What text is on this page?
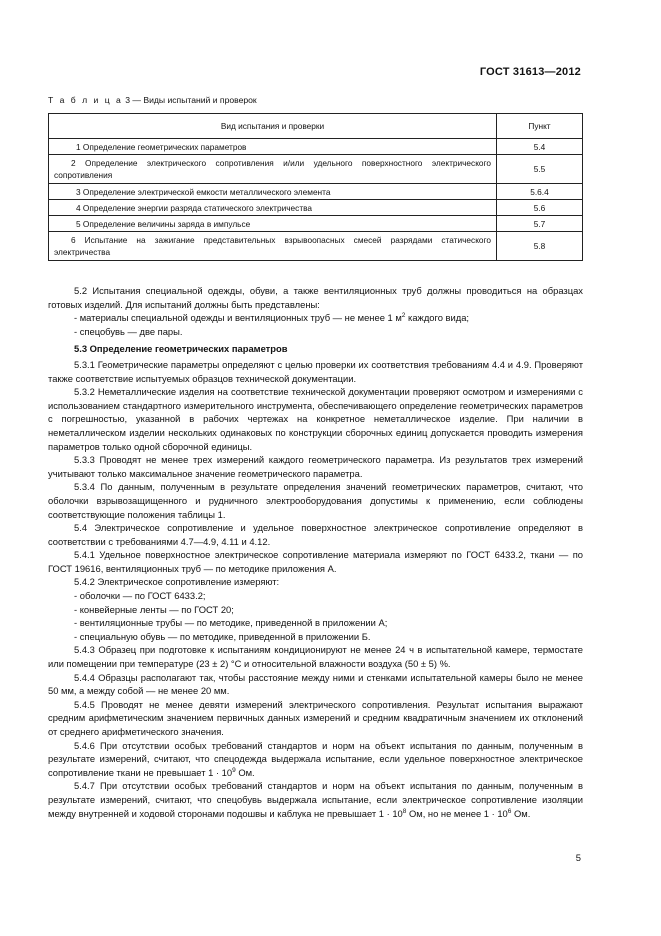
ГОСТ 31613—2012
Т а б л и ц а 3 — Виды испытаний и проверок
Вид испытания и проверки	Пункт
1 Определение геометрических параметров	5.4
2 Определение электрического сопротивления и/или удельного поверхностного электрического сопротивления	5.5
3 Определение электрической емкости металлического элемента	5.6.4
4 Определение энергии разряда статического электричества	5.6
5 Определение величины заряда в импульсе	5.7
6 Испытание на зажигание представительных взрывоопасных смесей разрядами статического электричества	5.8

5.2 Испытания специальной одежды, обуви, а также вентиляционных труб должны проводиться на образцах готовых изделий. Для испытаний должны быть представлены:

- материалы специальной одежды и вентиляционных труб — не менее 1 $м^2$ каждого вида;

- спецобувь — две пары.

5.3 Определение геометрических параметров

5.3.1 Геометрические параметры определяют с целью проверки их соответствия требованиям 4.4 и 4.9. Проверяют также соответствие испытуемых образцов технической документации.

5.3.2 Неметаллические изделия на соответствие технической документации проверяют осмотром и измерениями с использованием стандартного измерительного инструмента, обеспечивающего определение геометрических параметров с погрешностью, указанной в рабочих чертежах на конкретное неметаллическое изделие. При наличии в неметаллическом изделии нескольких одинаковых по конструкции сборочных единиц допускается проводить измерения параметров только одной сборочной единицы.

5.3.3 Проводят не менее трех измерений каждого геометрического параметра. Из результатов трех измерений учитывают только максимальное значение геометрического параметра.

5.3.4 По данным, полученным в результате определения значений геометрических параметров, считают, что оболочки взрывозащищенного и рудничного электрооборудования допустимы к применению, если соблюдены соответствующие положения таблицы 1.

5.4 Электрическое сопротивление и удельное поверхностное электрическое сопротивление определяют в соответствии с требованиями 4.7—4.9, 4.11 и 4.12.

5.4.1 Удельное поверхностное электрическое сопротивление материала измеряют по ГОСТ 6433.2, ткани — по ГОСТ 19616, вентиляционных труб — по методике приложения А.

5.4.2 Электрическое сопротивление измеряют:

- оболочки — по ГОСТ 6433.2;

- конвейерные ленты — по ГОСТ 20;

- вентиляционные трубы — по методике, приведенной в приложении А;

- специальную обувь — по методике, приведенной в приложении Б.

5.4.3 Образец при подготовке к испытаниям кондиционируют не менее 24 ч в испытательной камере, термостате или помещении при температуре (23 ± 2) °С и относительной влажности воздуха (50 ± 5) %.

5.4.4 Образцы располагают так, чтобы расстояние между ними и стенками испытательной камеры было не менее 50 мм, а между собой — не менее 20 мм.

5.4.5 Проводят не менее девяти измерений электрического сопротивления. Результат испытания выражают средним арифметическим значением первичных данных измерений и средним квадратичным значением их отклонений от среднего арифметического значения.

5.4.6 При отсутствии особых требований стандартов и норм на объект испытания по данным, полученным в результате измерений, считают, что спецодежда выдержала испытание, если удельное поверхностное электрическое сопротивление ткани не превышает $1 \cdot 10^9$ Ом.

5.4.7 При отсутствии особых требований стандартов и норм на объект испытания по данным, полученным в результате измерений, считают, что спецобувь выдержала испытание, если электрическое сопротивление изоляции между внутренней и ходовой сторонами подошвы и каблука не превышает $1 \cdot 10^8$ Ом, но не менее $1 \cdot 10^6$ Ом.

5
